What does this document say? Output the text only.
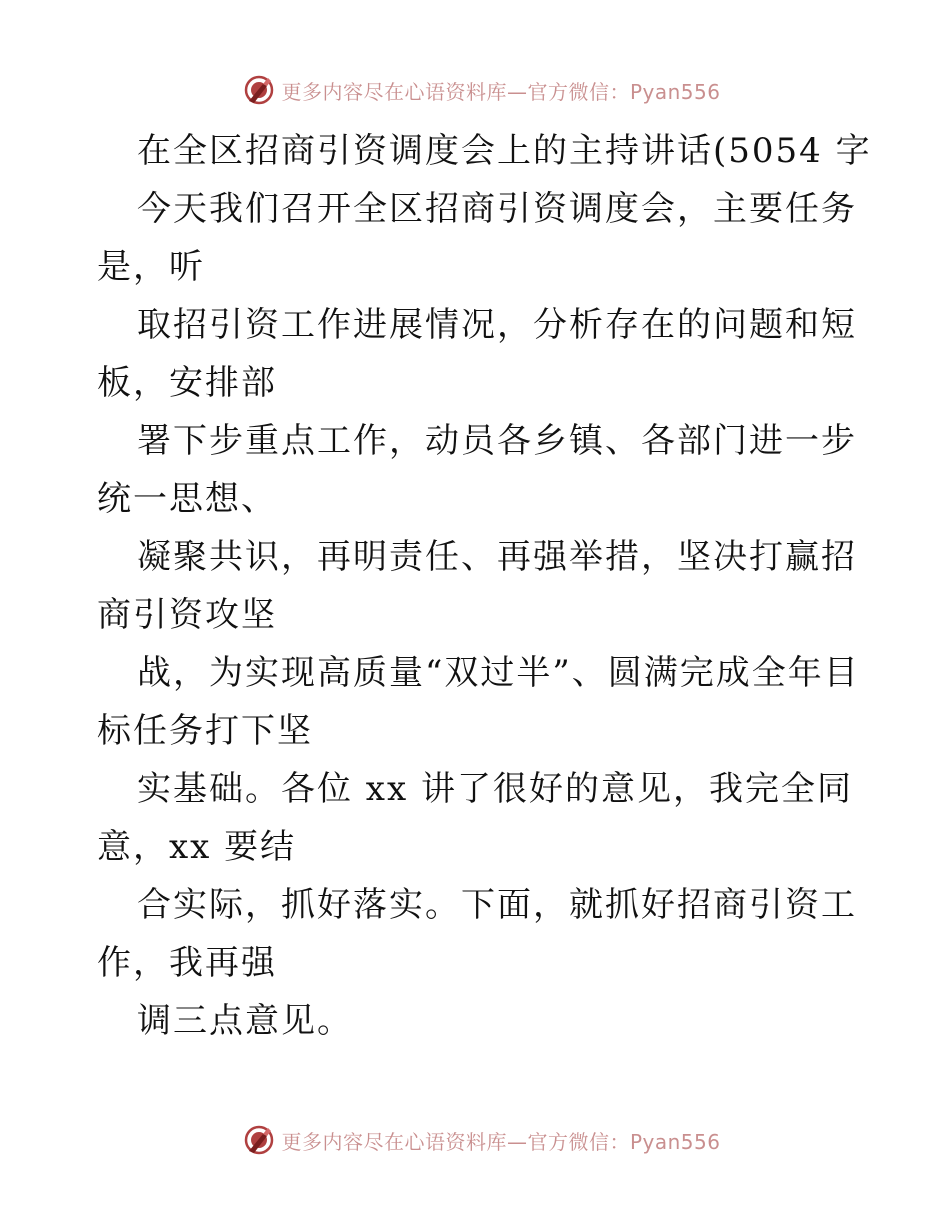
更多内容尽在心语资料库—官方微信：Pyan556

在全区招商引资调度会上的主持讲话(5054 字

今天我们召开全区招商引资调度会，主要任务是，听

取招引资工作进展情况，分析存在的问题和短板，安排部

署下步重点工作，动员各乡镇、各部门进一步统一思想、

凝聚共识，再明责任、再强举措，坚决打赢招商引资攻坚

战，为实现高质量“双过半”、圆满完成全年目标任务打下坚

实基础。各位 xx 讲了很好的意见，我完全同意，xx 要结

合实际，抓好落实。下面，就抓好招商引资工作，我再强

调三点意见。

更多内容尽在心语资料库—官方微信：Pyan556
